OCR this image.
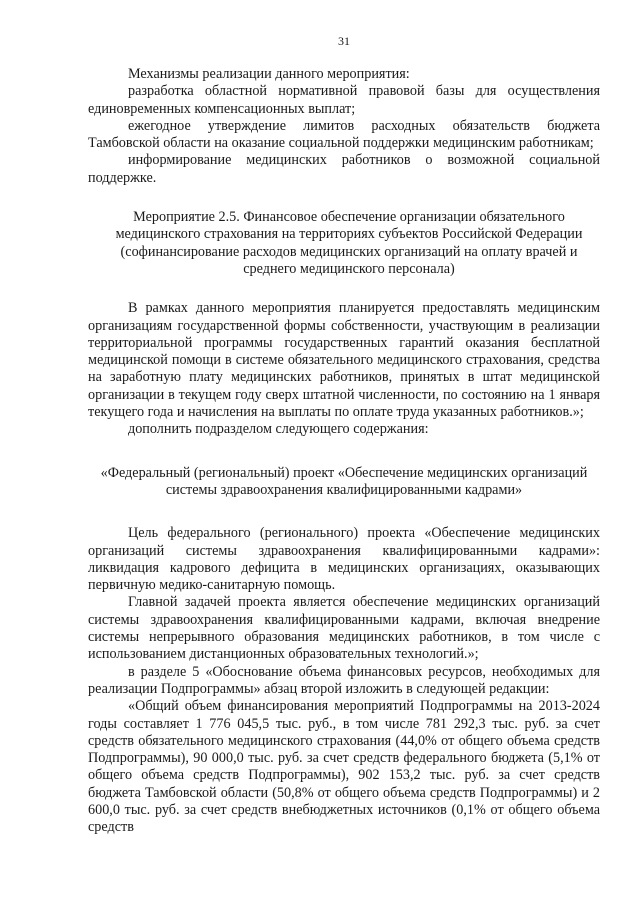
31

Механизмы реализации данного мероприятия:

разработка областной нормативной правовой базы для осуществления единовременных компенсационных выплат;

ежегодное утверждение лимитов расходных обязательств бюджета Тамбовской области на оказание социальной поддержки медицинским работникам;

информирование медицинских работников о возможной социальной поддержке.

Мероприятие 2.5. Финансовое обеспечение организации обязательного медицинского страхования на территориях субъектов Российской Федерации (софинансирование расходов медицинских организаций на оплату врачей и среднего медицинского персонала)

В рамках данного мероприятия планируется предоставлять медицинским организациям государственной формы собственности, участвующим в реализации территориальной программы государственных гарантий оказания бесплатной медицинской помощи в системе обязательного медицинского страхования, средства на заработную плату медицинских работников, принятых в штат медицинской организации в текущем году сверх штатной численности, по состоянию на 1 января текущего года и начисления на выплаты по оплате труда указанных работников.»;

дополнить подразделом следующего содержания:

«Федеральный (региональный) проект «Обеспечение медицинских организаций системы здравоохранения квалифицированными кадрами»

Цель федерального (регионального) проекта «Обеспечение медицинских организаций системы здравоохранения квалифицированными кадрами»: ликвидация кадрового дефицита в медицинских организациях, оказывающих первичную медико-санитарную помощь.

Главной задачей проекта является обеспечение медицинских организаций системы здравоохранения квалифицированными кадрами, включая внедрение системы непрерывного образования медицинских работников, в том числе с использованием дистанционных образовательных технологий.»;

в разделе 5 «Обоснование объема финансовых ресурсов, необходимых для реализации Подпрограммы» абзац второй изложить в следующей редакции:

«Общий объем финансирования мероприятий Подпрограммы на 2013-2024 годы составляет 1 776 045,5 тыс. руб., в том числе 781 292,3 тыс. руб. за счет средств обязательного медицинского страхования (44,0% от общего объема средств Подпрограммы), 90 000,0 тыс. руб. за счет средств федерального бюджета (5,1% от общего объема средств Подпрограммы), 902 153,2 тыс. руб. за счет средств бюджета Тамбовской области (50,8% от общего объема средств Подпрограммы) и 2 600,0 тыс. руб. за счет средств внебюджетных источников (0,1% от общего объема средств
